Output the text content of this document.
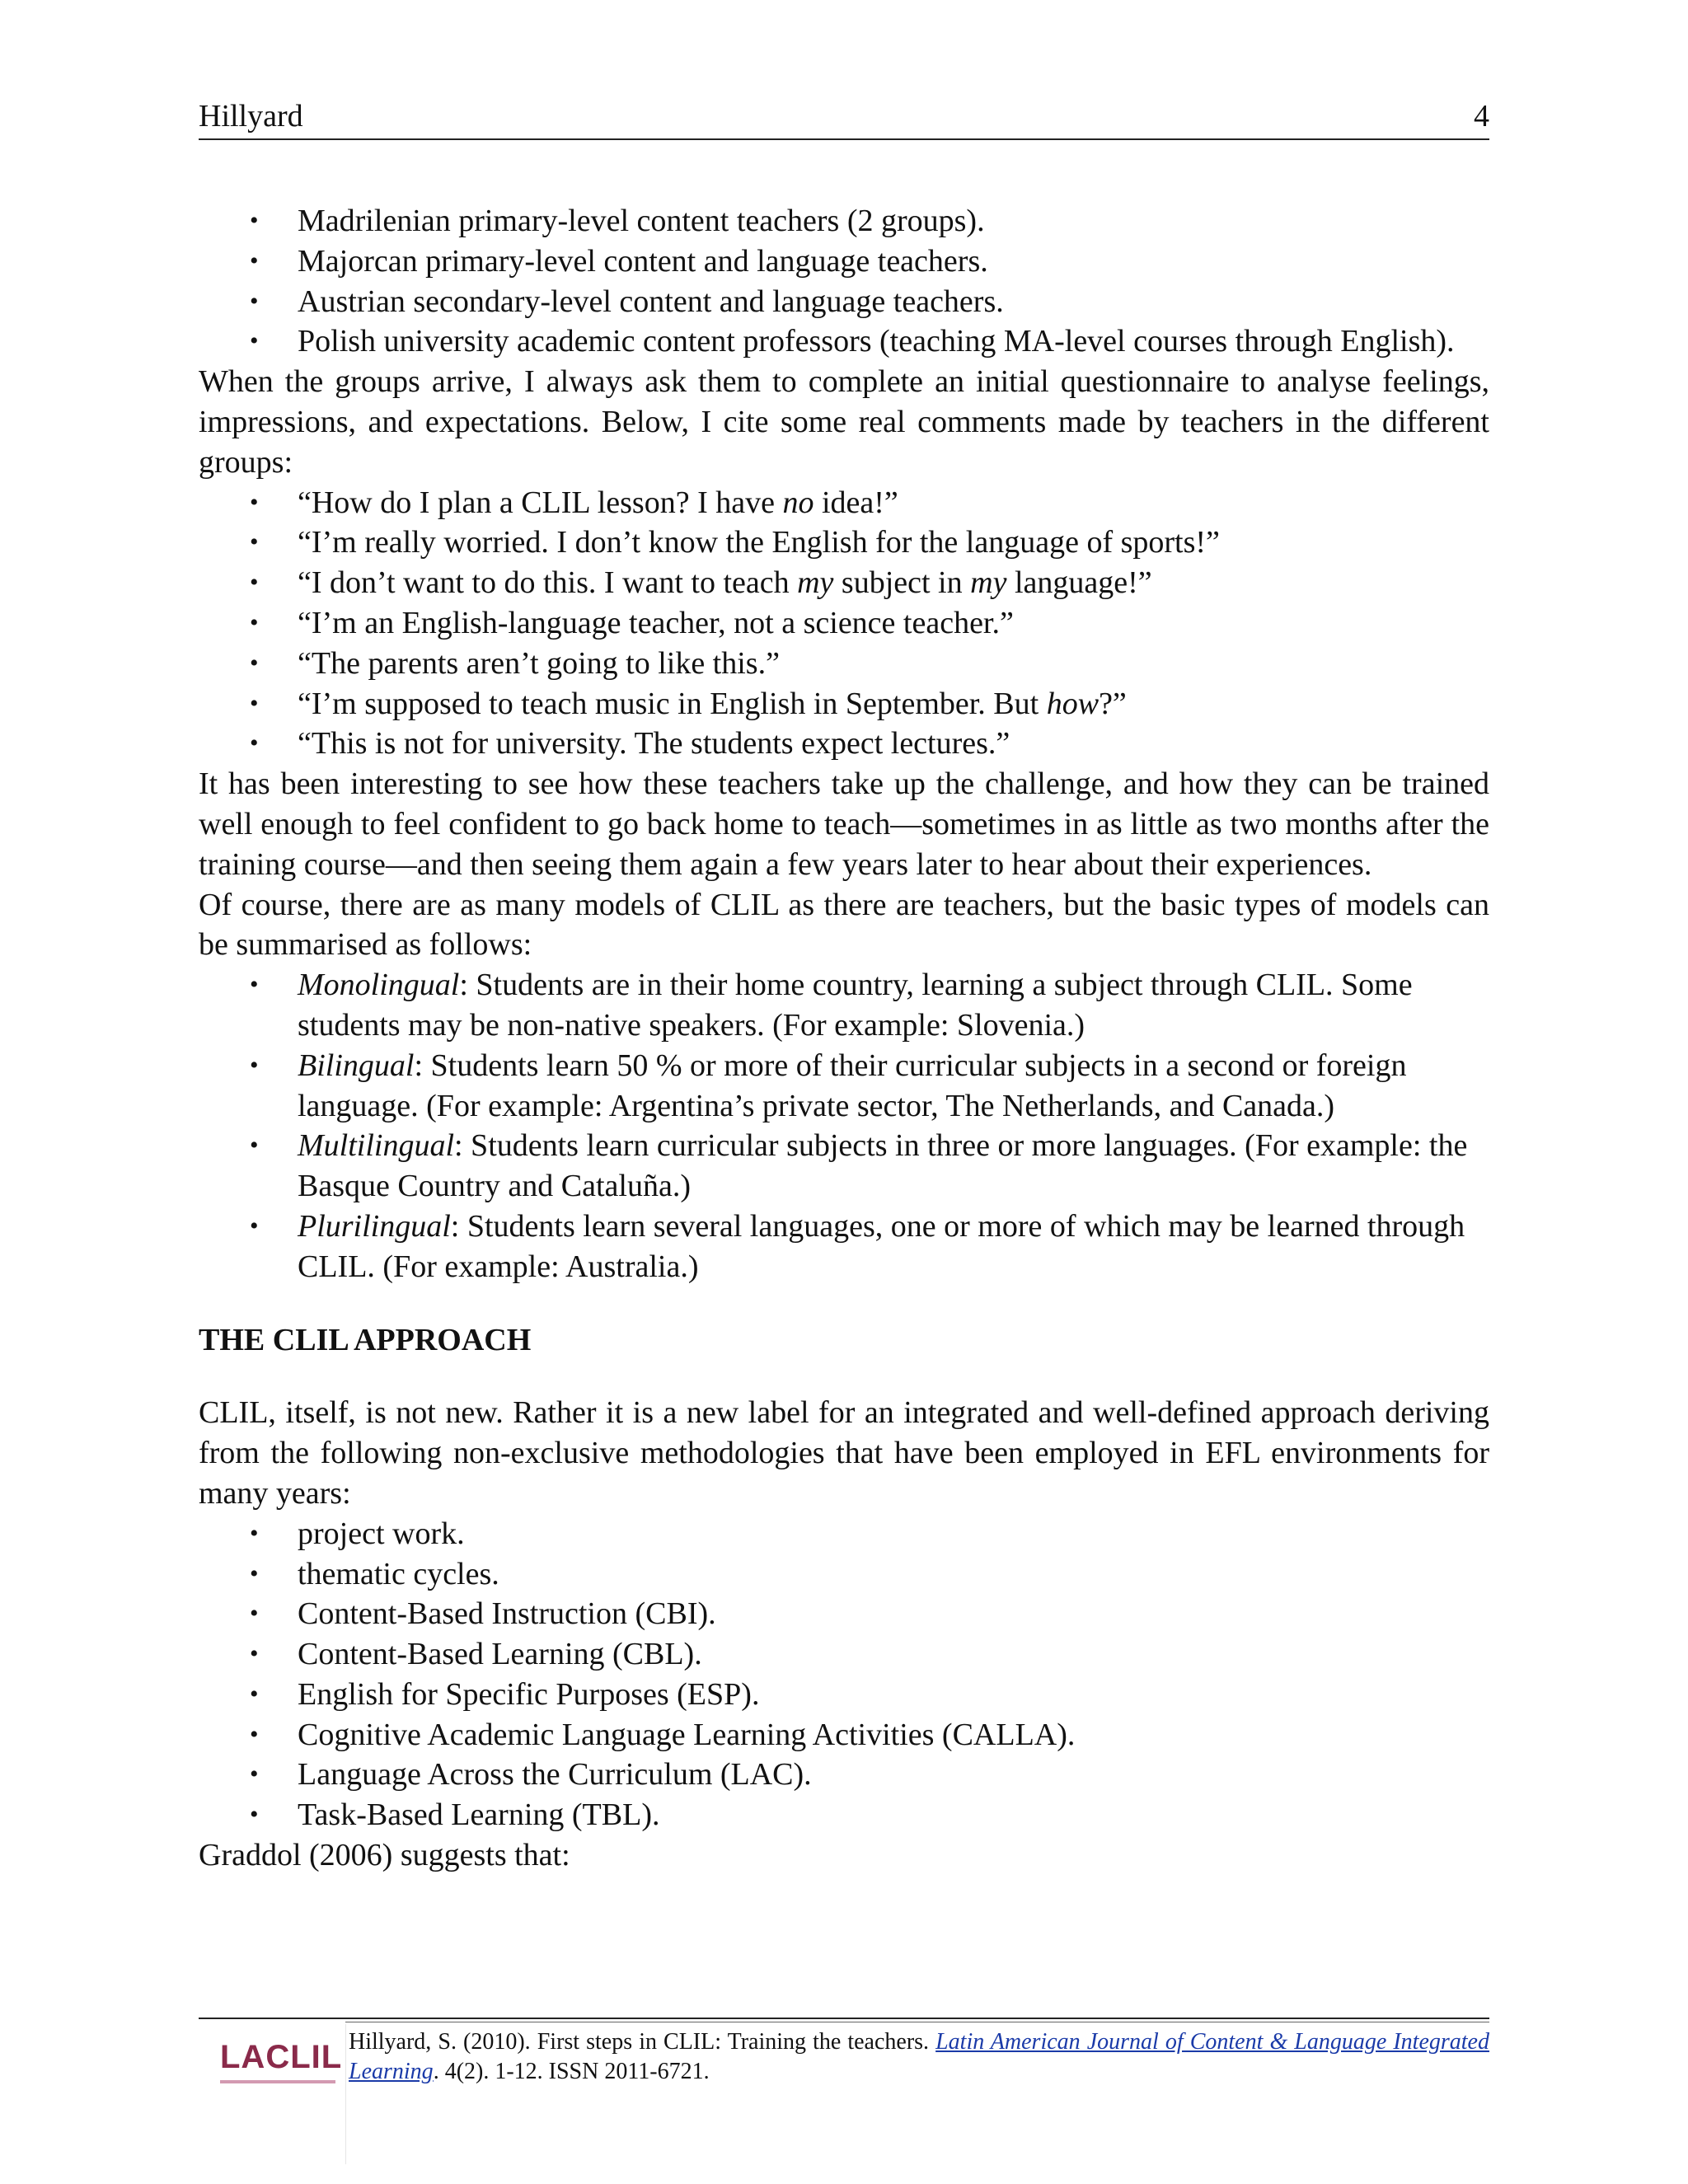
Hillyard	4
• Madrilenian primary-level content teachers (2 groups).
• Majorcan primary-level content and language teachers.
• Austrian secondary-level content and language teachers.
• Polish university academic content professors (teaching MA-level courses through English).

When the groups arrive, I always ask them to complete an initial questionnaire to analyse feelings, impressions, and expectations. Below, I cite some real comments made by teachers in the different groups:

• “How do I plan a CLIL lesson? I have no idea!”
• “I’m really worried. I don’t know the English for the language of sports!”
• “I don’t want to do this. I want to teach my subject in my language!”
• “I’m an English-language teacher, not a science teacher.”
• “The parents aren’t going to like this.”
• “I’m supposed to teach music in English in September. But how?”
• “This is not for university. The students expect lectures.”

It has been interesting to see how these teachers take up the challenge, and how they can be trained well enough to feel confident to go back home to teach—sometimes in as little as two months after the training course—and then seeing them again a few years later to hear about their experiences.

Of course, there are as many models of CLIL as there are teachers, but the basic types of models can be summarised as follows:

• Monolingual: Students are in their home country, learning a subject through CLIL. Some students may be non-native speakers. (For example: Slovenia.)
• Bilingual: Students learn 50 % or more of their curricular subjects in a second or foreign language. (For example: Argentina’s private sector, The Netherlands, and Canada.)
• Multilingual: Students learn curricular subjects in three or more languages. (For example: the Basque Country and Cataluña.)
• Plurilingual: Students learn several languages, one or more of which may be learned through CLIL. (For example: Australia.)

THE CLIL APPROACH

CLIL, itself, is not new. Rather it is a new label for an integrated and well-defined approach deriving from the following non-exclusive methodologies that have been employed in EFL environments for many years:

• project work.
• thematic cycles.
• Content-Based Instruction (CBI).
• Content-Based Learning (CBL).
• English for Specific Purposes (ESP).
• Cognitive Academic Language Learning Activities (CALLA).
• Language Across the Curriculum (LAC).
• Task-Based Learning (TBL).

Graddol (2006) suggests that:

LACLIL Hillyard, S. (2010). First steps in CLIL: Training the teachers. Latin American Journal of Content & Language Integrated Learning. 4(2). 1-12. ISSN 2011-6721.
